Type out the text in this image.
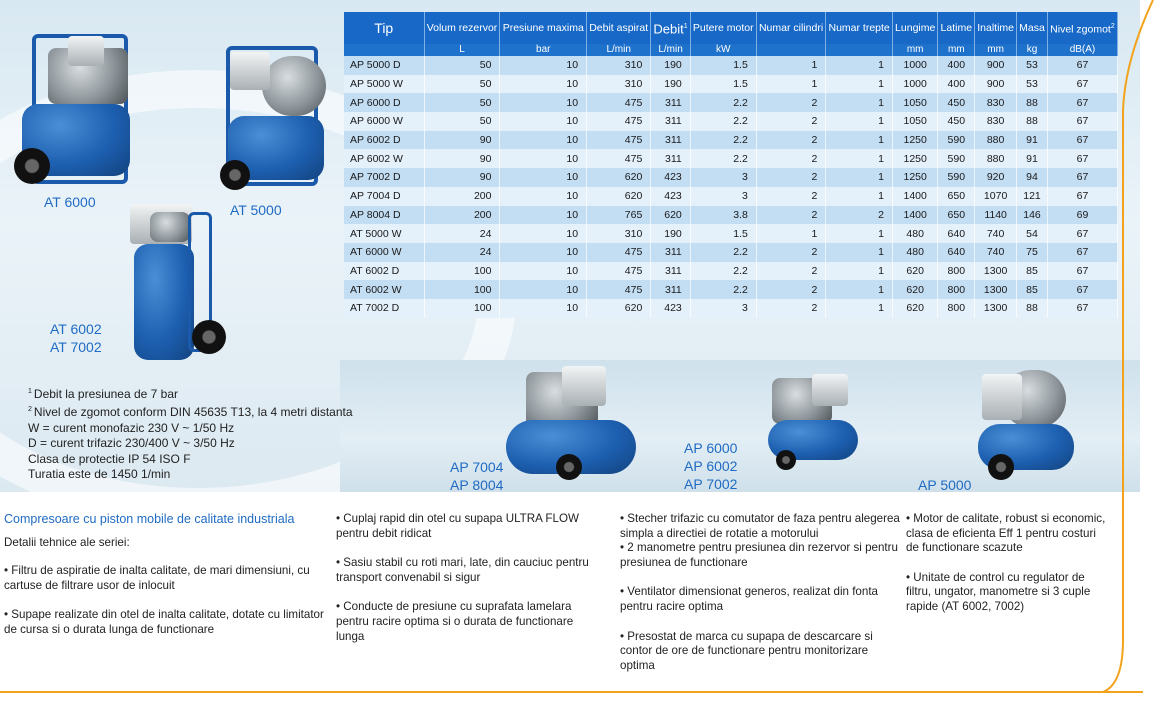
AT 6000	AT 5000
AT 6002
AT 7002
AP 7004
AP 8004
AP 6000
AP 6002
AP 7002	AP 5000
Tip	Volum rezervor	Presiune maxima	Debit aspirat	Debit$^1$	Putere motor	Numar cilindri	Numar trepte	Lungime	Latime	Inaltime	Masa	Nivel zgomot$^2$
	L	bar	L/min	L/min	kW			mm	mm	mm	kg	dB(A)
AP 5000 D	50	10	310	190	1.5	1	1	1000	400	900	53	67
AP 5000 W	50	10	310	190	1.5	1	1	1000	400	900	53	67
AP 6000 D	50	10	475	311	2.2	2	1	1050	450	830	88	67
AP 6000 W	50	10	475	311	2.2	2	1	1050	450	830	88	67
AP 6002 D	90	10	475	311	2.2	2	1	1250	590	880	91	67
AP 6002 W	90	10	475	311	2.2	2	1	1250	590	880	91	67
AP 7002 D	90	10	620	423	3	2	1	1250	590	920	94	67
AP 7004 D	200	10	620	423	3	2	1	1400	650	1070	121	67
AP 8004 D	200	10	765	620	3.8	2	2	1400	650	1140	146	69
AT 5000 W	24	10	310	190	1.5	1	1	480	640	740	54	67
AT 6000 W	24	10	475	311	2.2	2	1	480	640	740	75	67
AT 6002 D	100	10	475	311	2.2	2	1	620	800	1300	85	67
AT 6002 W	100	10	475	311	2.2	2	1	620	800	1300	85	67
AT 7002 D	100	10	620	423	3	2	1	620	800	1300	88	67
$^1$ Debit la presiunea de 7 bar
$^2$ Nivel de zgomot conform DIN 45635 T13, la 4 metri distanta
W = curent monofazic 230 V ~ 1/50 Hz
D = curent trifazic 230/400 V ~ 3/50 Hz
Clasa de protectie IP 54 ISO F
Turatia este de 1450 1/min
Compresoare cu piston mobile de calitate industriala
Detalii tehnice ale seriei:

• Filtru de aspiratie de inalta calitate, de mari dimensiuni, cu cartuse de filtrare usor de inlocuit

• Supape realizate din otel de inalta calitate, dotate cu limitator de cursa si o durata lunga de functionare

• Cuplaj rapid din otel cu supapa ULTRA FLOW pentru debit ridicat

• Sasiu stabil cu roti mari, late, din cauciuc pentru transport convenabil si sigur

• Conducte de presiune cu suprafata lamelara pentru racire optima si o durata de functionare lunga

• Stecher trifazic cu comutator de faza pentru alegerea simpla a directiei de rotatie a motorului

• 2 manometre pentru presiunea din rezervor si pentru presiunea de functionare

• Ventilator dimensionat generos, realizat din fonta pentru racire optima

• Presostat de marca cu supapa de descarcare si contor de ore de functionare pentru monitorizare optima

• Motor de calitate, robust si economic, clasa de eficienta Eff 1 pentru costuri de functionare scazute

• Unitate de control cu regulator de filtru, ungator, manometre si 3 cuple rapide (AT 6002, 7002)
